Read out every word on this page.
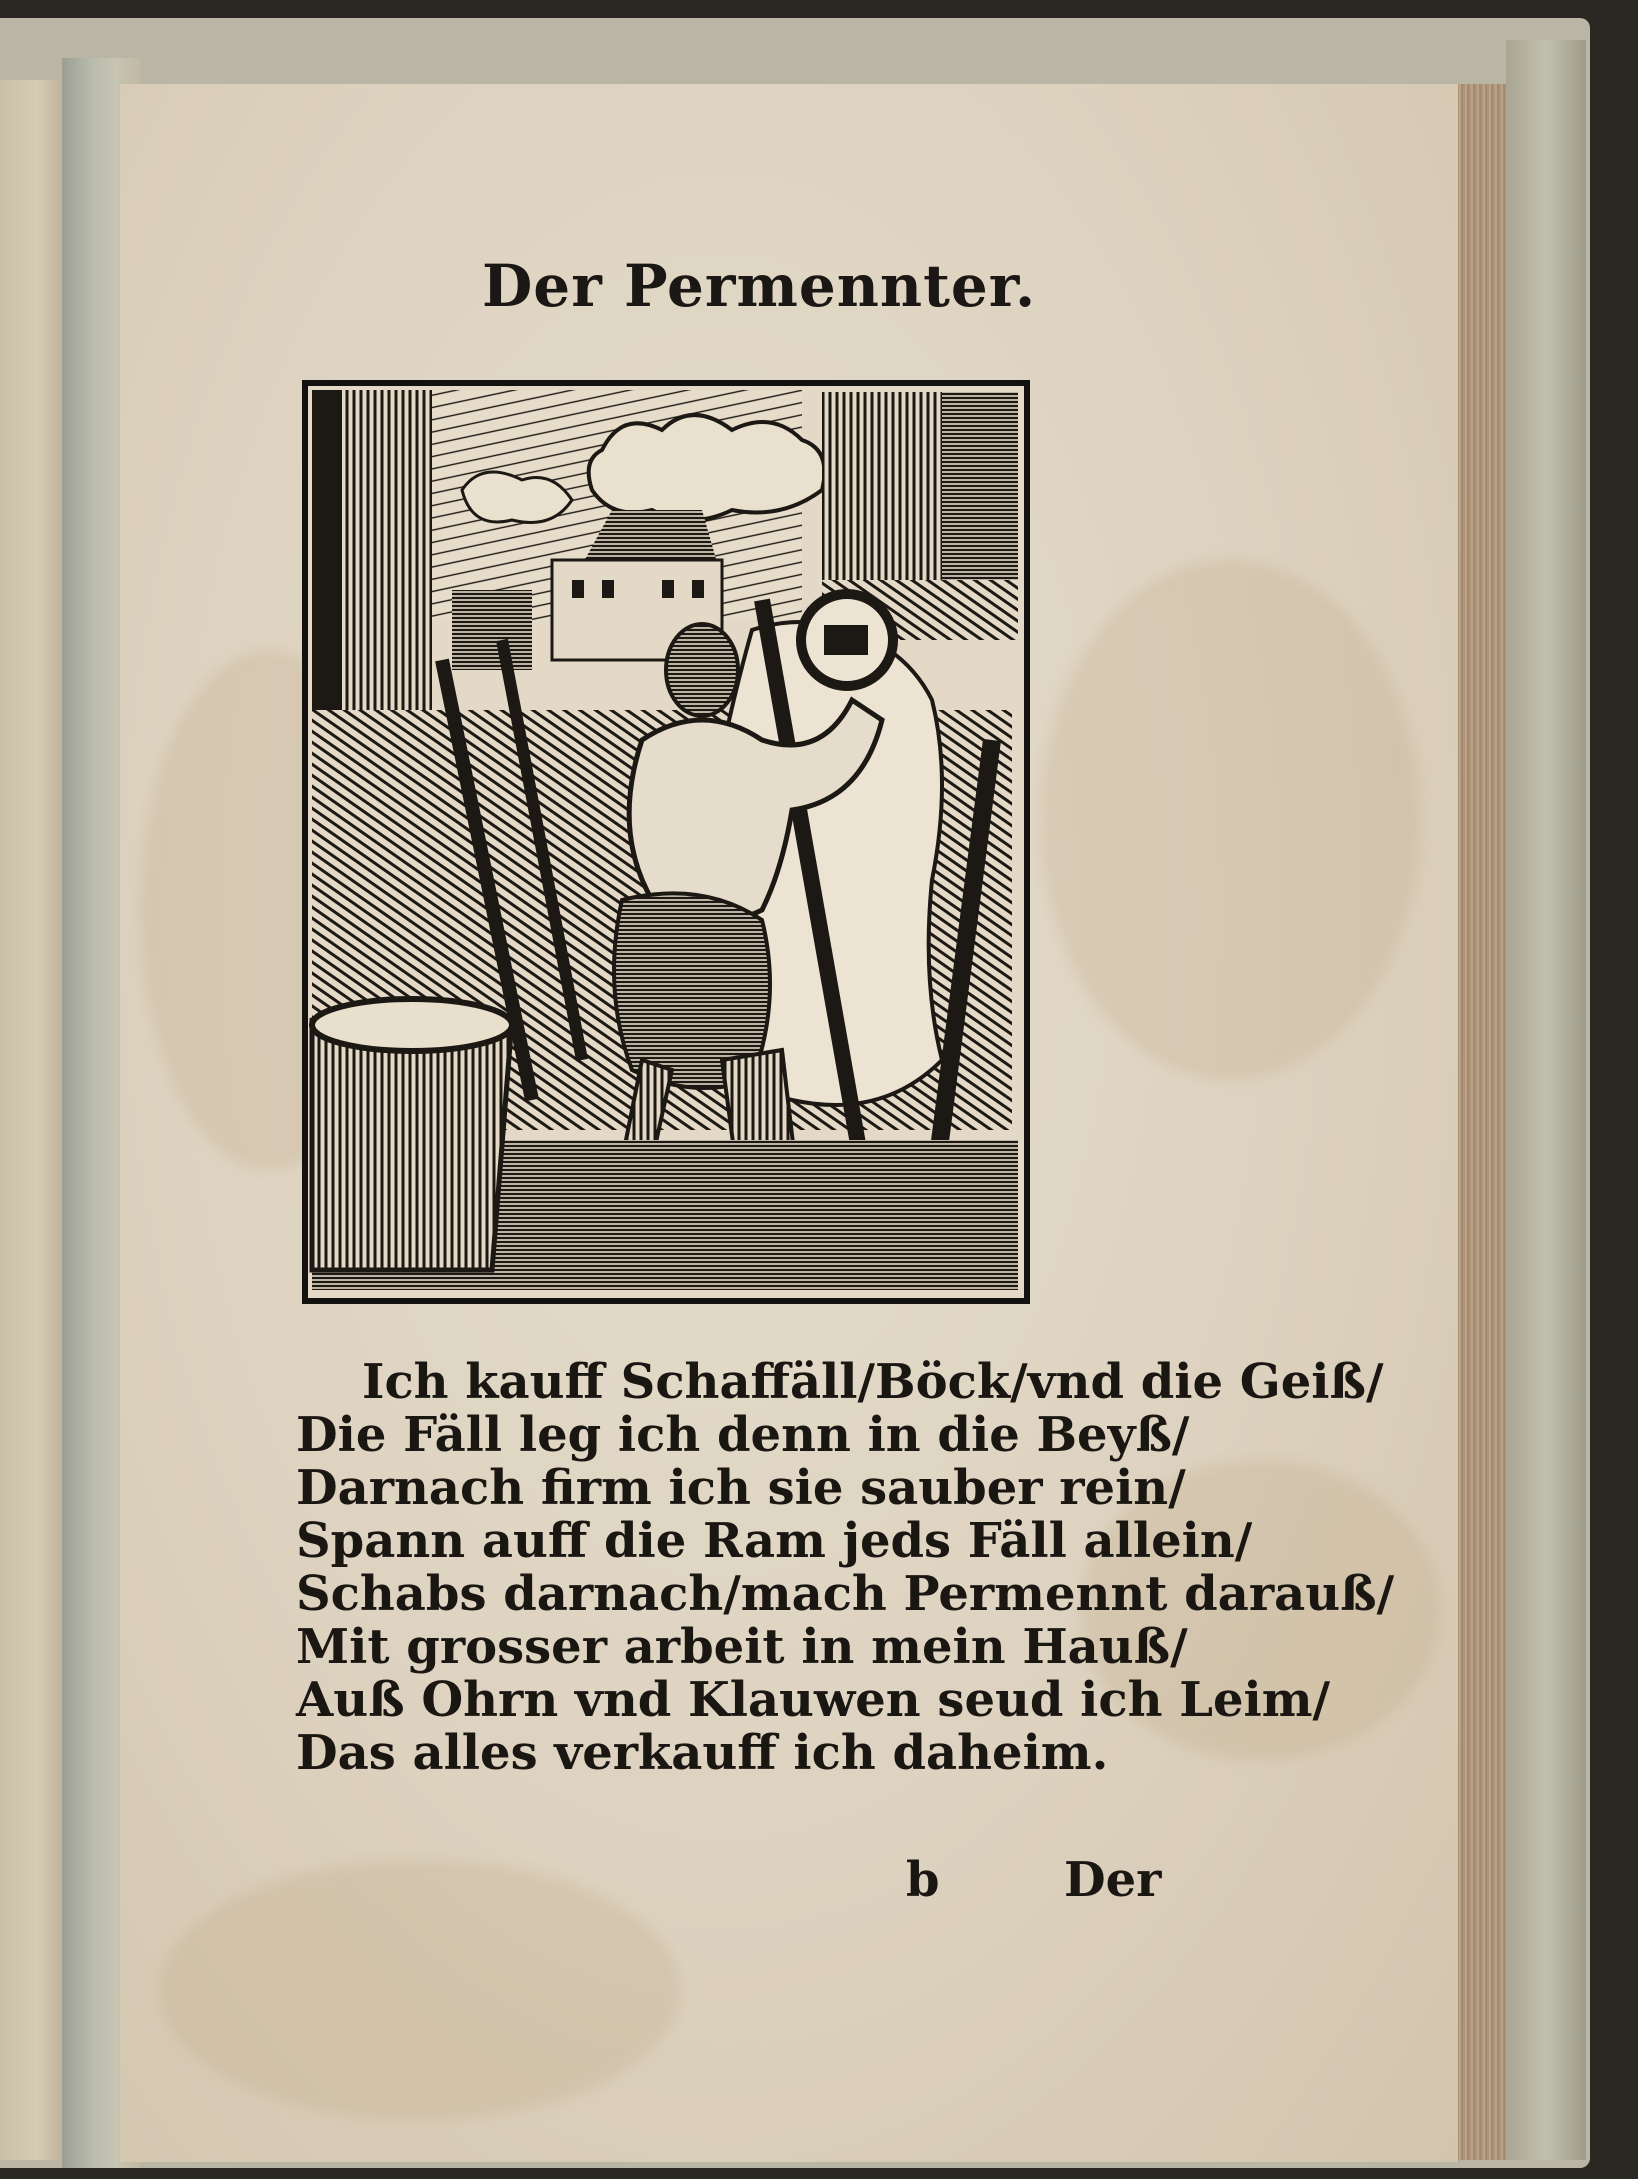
Der Permennter.
Ich kauff Schaffäll/Böck/vnd die Geiß/
Die Fäll leg ich denn in die Beyß/
Darnach firm ich sie sauber rein/
Spann auff die Ram jeds Fäll allein/
Schabs darnach/mach Permennt darauß/
Mit grosser arbeit in mein Hauß/
Auß Ohrn vnd Klauwen seud ich Leim/
Das alles verkauff ich daheim.
b	Der
